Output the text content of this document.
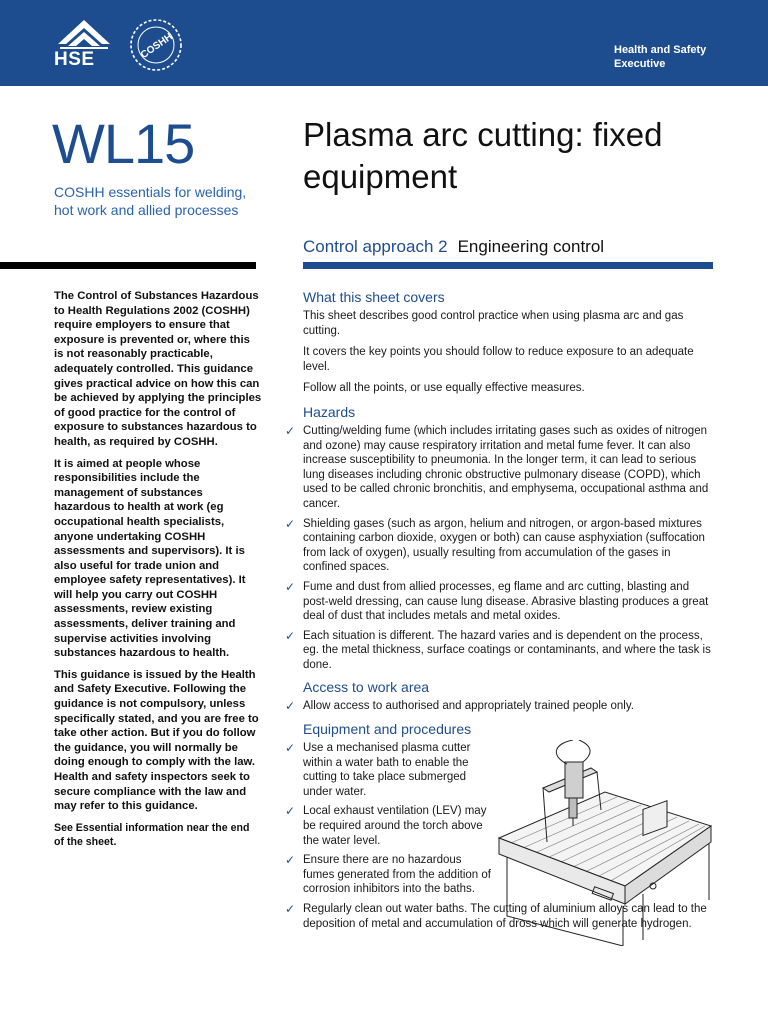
HSE	COSHH	Health and Safety Executive
WL15
COSHH essentials for welding, hot work and allied processes
Plasma arc cutting: fixed equipment
Control approach 2 Engineering control

The Control of Substances Hazardous to Health Regulations 2002 (COSHH) require employers to ensure that exposure is prevented or, where this is not reasonably practicable, adequately controlled. This guidance gives practical advice on how this can be achieved by applying the principles of good practice for the control of exposure to substances hazardous to health, as required by COSHH.

It is aimed at people whose responsibilities include the management of substances hazardous to health at work (eg occupational health specialists, anyone undertaking COSHH assessments and supervisors). It is also useful for trade union and employee safety representatives). It will help you carry out COSHH assessments, review existing assessments, deliver training and supervise activities involving substances hazardous to health.

This guidance is issued by the Health and Safety Executive. Following the guidance is not compulsory, unless specifically stated, and you are free to take other action. But if you do follow the guidance, you will normally be doing enough to comply with the law. Health and safety inspectors seek to secure compliance with the law and may refer to this guidance.

See Essential information near the end of the sheet.

What this sheet covers

This sheet describes good control practice when using plasma arc and gas cutting.

It covers the key points you should follow to reduce exposure to an adequate level.

Follow all the points, or use equally effective measures.

Hazards
✓ Cutting/welding fume (which includes irritating gases such as oxides of nitrogen and ozone) may cause respiratory irritation and metal fume fever. It can also increase susceptibility to pneumonia. In the longer term, it can lead to serious lung diseases including chronic obstructive pulmonary disease (COPD), which used to be called chronic bronchitis, and emphysema, occupational asthma and cancer.
✓ Shielding gases (such as argon, helium and nitrogen, or argon-based mixtures containing carbon dioxide, oxygen or both) can cause asphyxiation (suffocation from lack of oxygen), usually resulting from accumulation of the gases in confined spaces.
✓ Fume and dust from allied processes, eg flame and arc cutting, blasting and post-weld dressing, can cause lung disease. Abrasive blasting produces a great deal of dust that includes metals and metal oxides.
✓ Each situation is different. The hazard varies and is dependent on the process, eg. the metal thickness, surface coatings or contaminants, and where the task is done.
Access to work area
✓ Allow access to authorised and appropriately trained people only.
Equipment and procedures
✓ Use a mechanised plasma cutter within a water bath to enable the cutting to take place submerged under water.
✓ Local exhaust ventilation (LEV) may be required around the torch above the water level.
✓ Ensure there are no hazardous fumes generated from the addition of corrosion inhibitors into the baths.
✓ Regularly clean out water baths. The cutting of aluminium alloys can lead to the deposition of metal and accumulation of dross which will generate hydrogen.
